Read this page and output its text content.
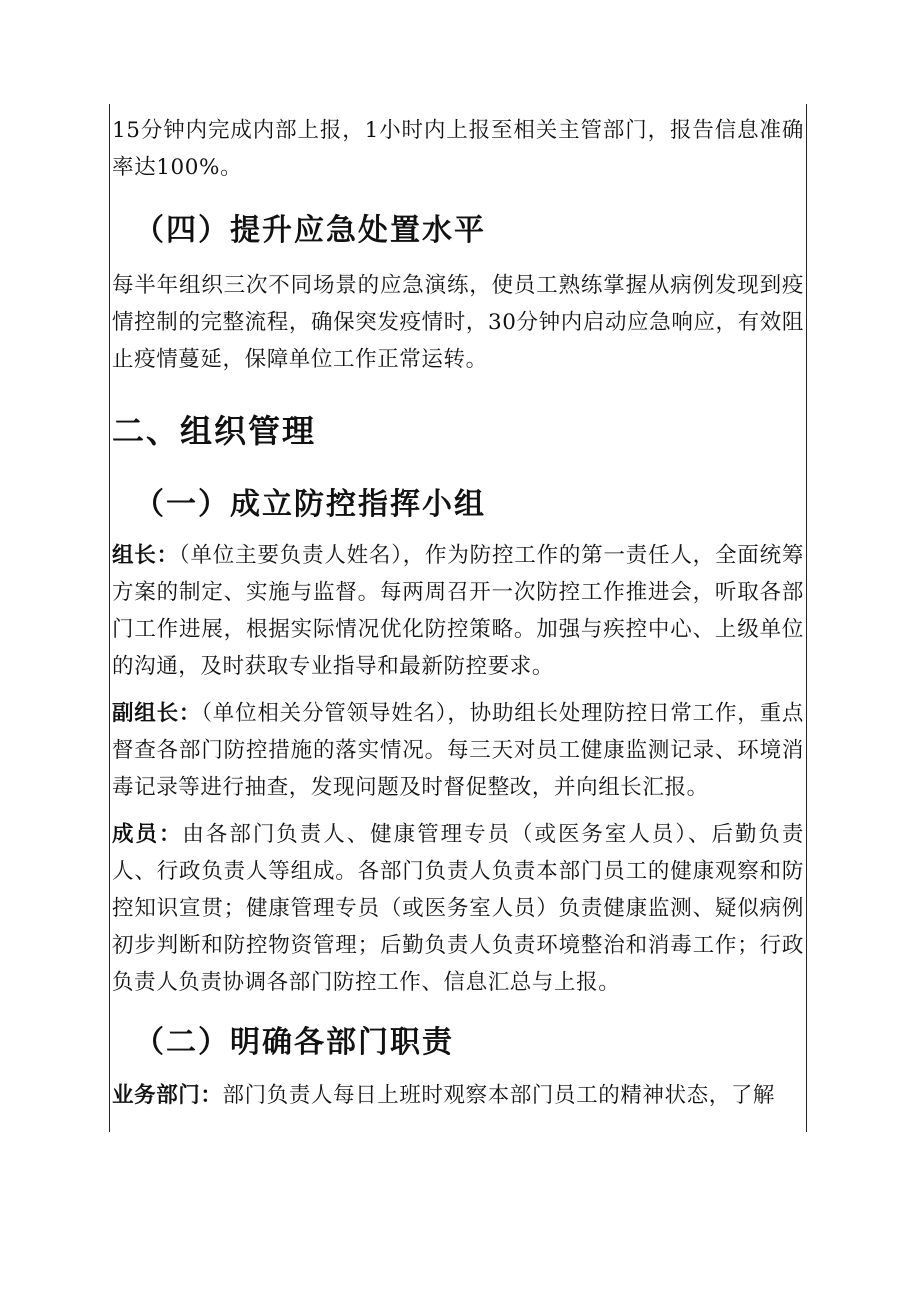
15分钟内完成内部上报，1小时内上报至相关主管部门，报告信息准确率达100%。

（四）提升应急处置水平

每半年组织三次不同场景的应急演练，使员工熟练掌握从病例发现到疫情控制的完整流程，确保突发疫情时，30分钟内启动应急响应，有效阻止疫情蔓延，保障单位工作正常运转。

二、组织管理
（一）成立防控指挥小组

组长：（单位主要负责人姓名），作为防控工作的第一责任人，全面统筹方案的制定、实施与监督。每两周召开一次防控工作推进会，听取各部门工作进展，根据实际情况优化防控策略。加强与疾控中心、上级单位的沟通，及时获取专业指导和最新防控要求。

副组长：（单位相关分管领导姓名），协助组长处理防控日常工作，重点督查各部门防控措施的落实情况。每三天对员工健康监测记录、环境消毒记录等进行抽查，发现问题及时督促整改，并向组长汇报。

成员：由各部门负责人、健康管理专员（或医务室人员）、后勤负责人、行政负责人等组成。各部门负责人负责本部门员工的健康观察和防控知识宣贯；健康管理专员（或医务室人员）负责健康监测、疑似病例初步判断和防控物资管理；后勤负责人负责环境整治和消毒工作；行政负责人负责协调各部门防控工作、信息汇总与上报。

（二）明确各部门职责

业务部门：部门负责人每日上班时观察本部门员工的精神状态，了解
